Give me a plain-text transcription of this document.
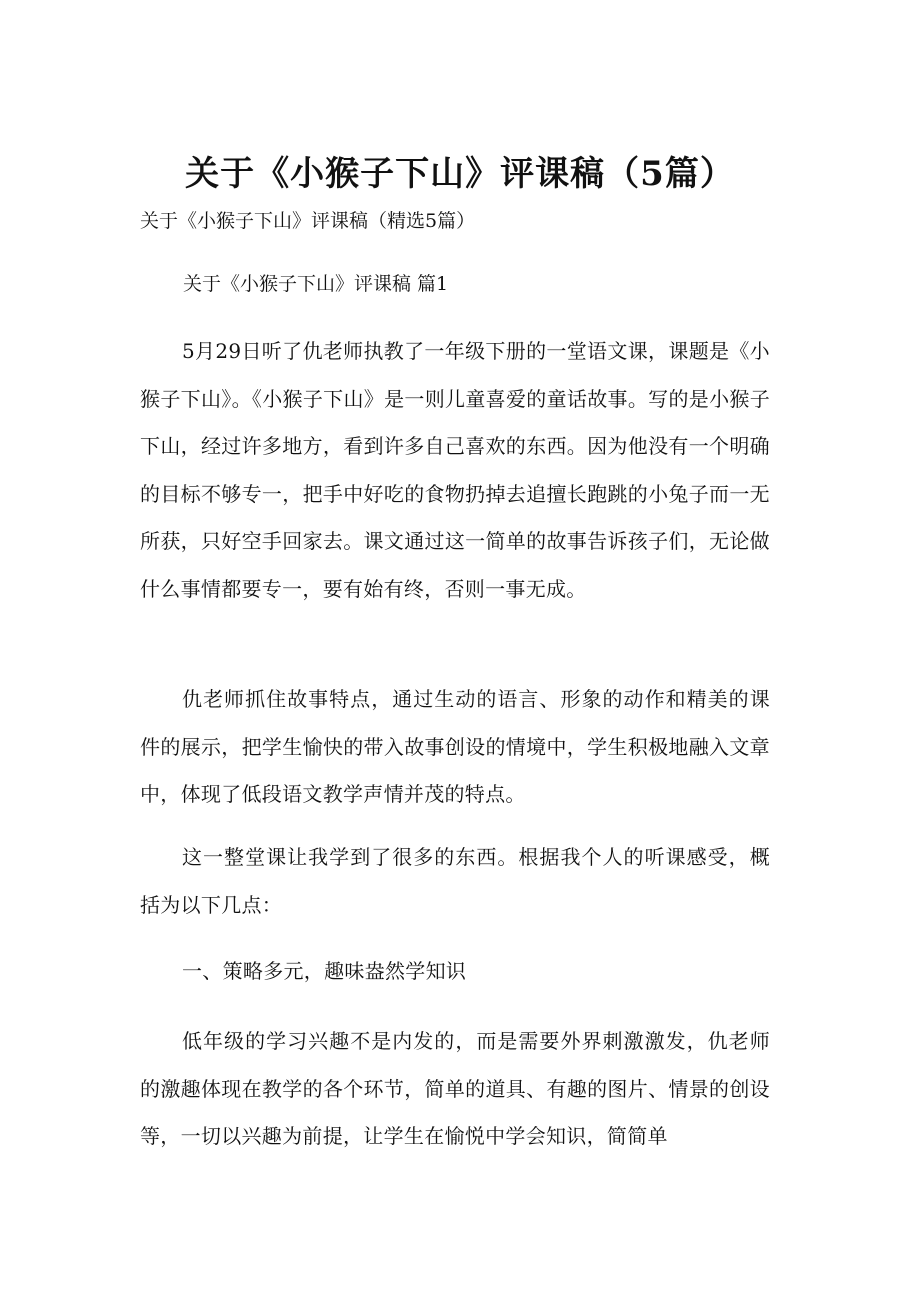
关于《小猴子下山》评课稿（5篇）

关于《小猴子下山》评课稿（精选5篇）

关于《小猴子下山》评课稿 篇1

5月29日听了仇老师执教了一年级下册的一堂语文课，课题是《小猴子下山》。《小猴子下山》是一则儿童喜爱的童话故事。写的是小猴子下山，经过许多地方，看到许多自己喜欢的东西。因为他没有一个明确的目标不够专一，把手中好吃的食物扔掉去追擅长跑跳的小兔子而一无所获，只好空手回家去。课文通过这一简单的故事告诉孩子们，无论做什么事情都要专一，要有始有终，否则一事无成。

仇老师抓住故事特点，通过生动的语言、形象的动作和精美的课件的展示，把学生愉快的带入故事创设的情境中，学生积极地融入文章中，体现了低段语文教学声情并茂的特点。

这一整堂课让我学到了很多的东西。根据我个人的听课感受，概括为以下几点：

一、策略多元，趣味盎然学知识

低年级的学习兴趣不是内发的，而是需要外界刺激激发，仇老师的激趣体现在教学的各个环节，简单的道具、有趣的图片、情景的创设等，一切以兴趣为前提，让学生在愉悦中学会知识，简简单
